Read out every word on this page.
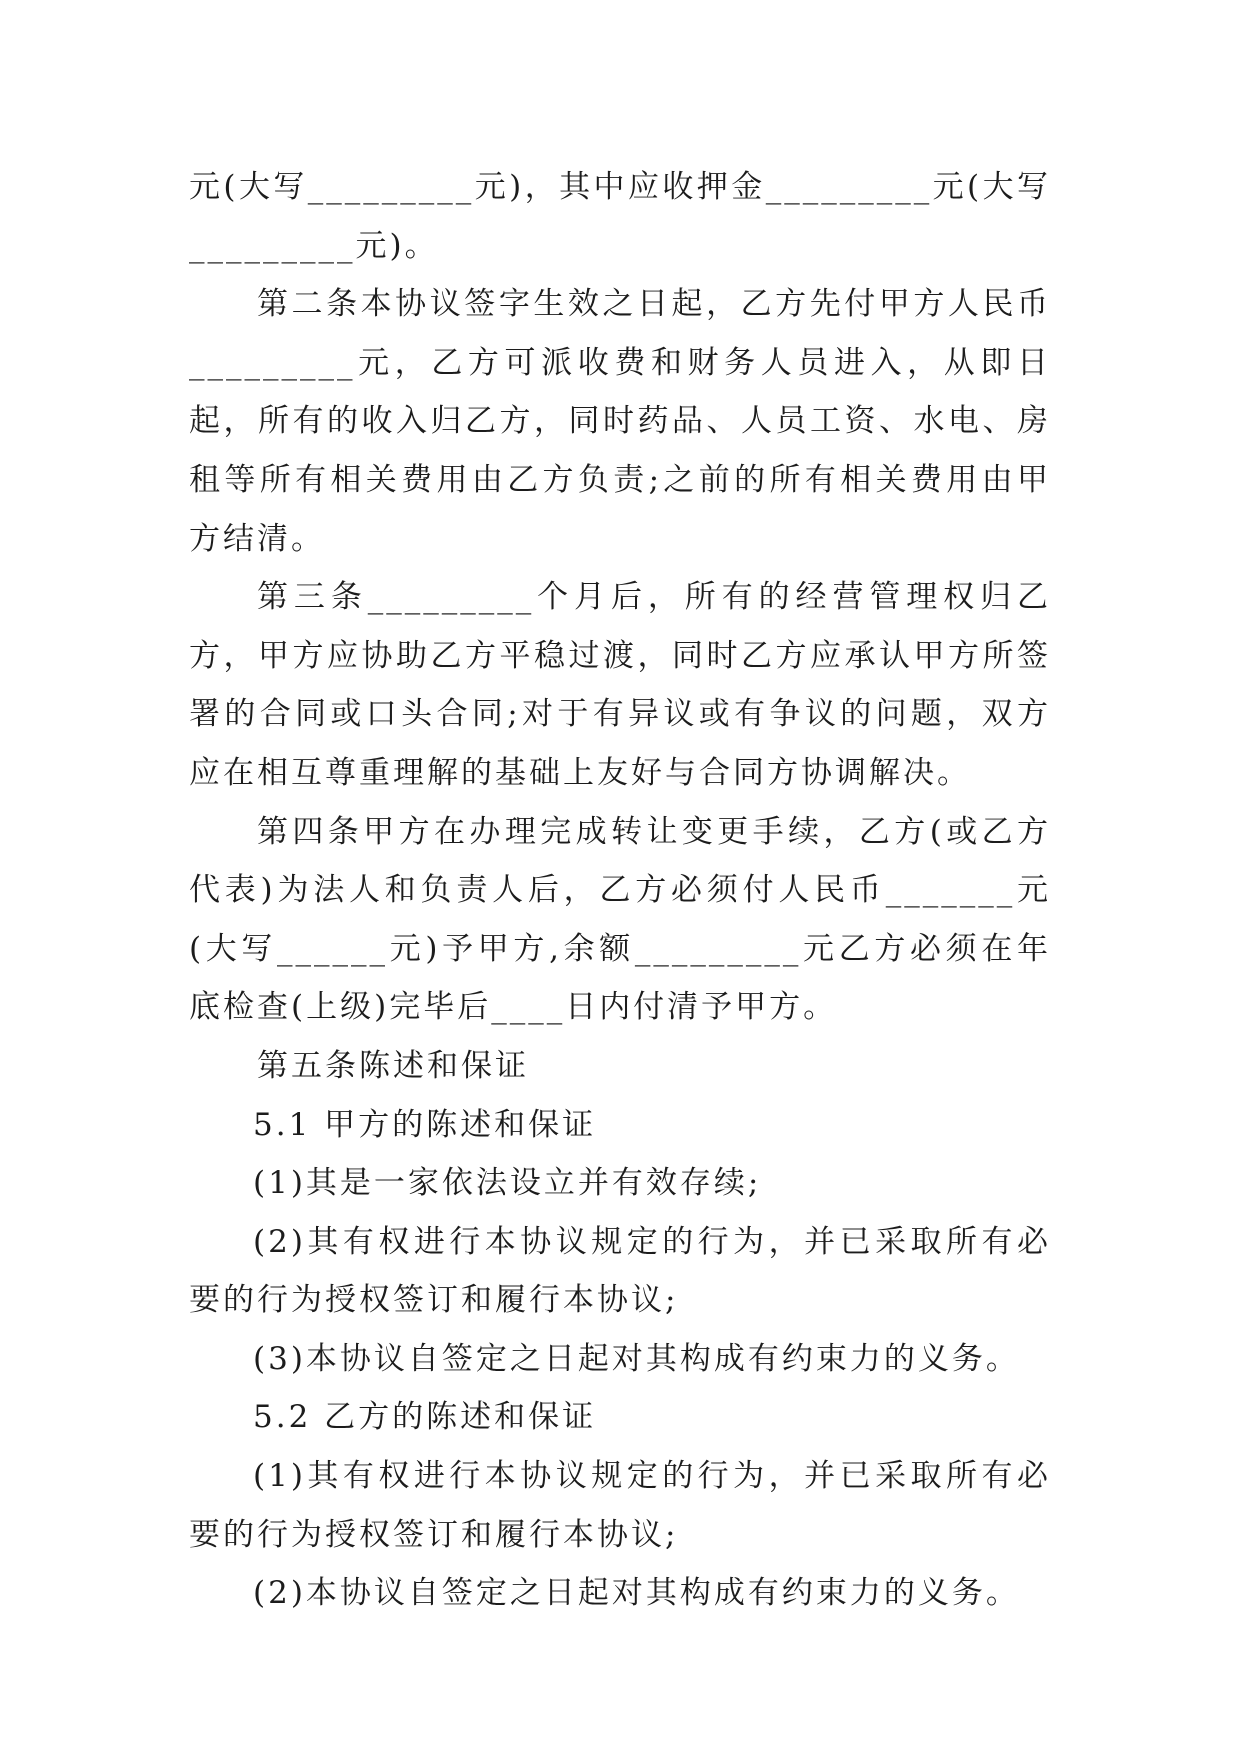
元(大写_________元)，其中应收押金_________元(大写_________元)。

第二条本协议签字生效之日起，乙方先付甲方人民币_________元，乙方可派收费和财务人员进入，从即日起，所有的收入归乙方，同时药品、人员工资、水电、房租等所有相关费用由乙方负责;之前的所有相关费用由甲方结清。

第三条_________个月后，所有的经营管理权归乙方，甲方应协助乙方平稳过渡，同时乙方应承认甲方所签署的合同或口头合同;对于有异议或有争议的问题，双方应在相互尊重理解的基础上友好与合同方协调解决。

第四条甲方在办理完成转让变更手续，乙方(或乙方代表)为法人和负责人后，乙方必须付人民币_______元(大写______元)予甲方,余额_________元乙方必须在年底检查(上级)完毕后____日内付清予甲方。

第五条陈述和保证

5.1 甲方的陈述和保证

(1)其是一家依法设立并有效存续;

(2)其有权进行本协议规定的行为，并已采取所有必要的行为授权签订和履行本协议;

(3)本协议自签定之日起对其构成有约束力的义务。

5.2 乙方的陈述和保证

(1)其有权进行本协议规定的行为，并已采取所有必要的行为授权签订和履行本协议;

(2)本协议自签定之日起对其构成有约束力的义务。
